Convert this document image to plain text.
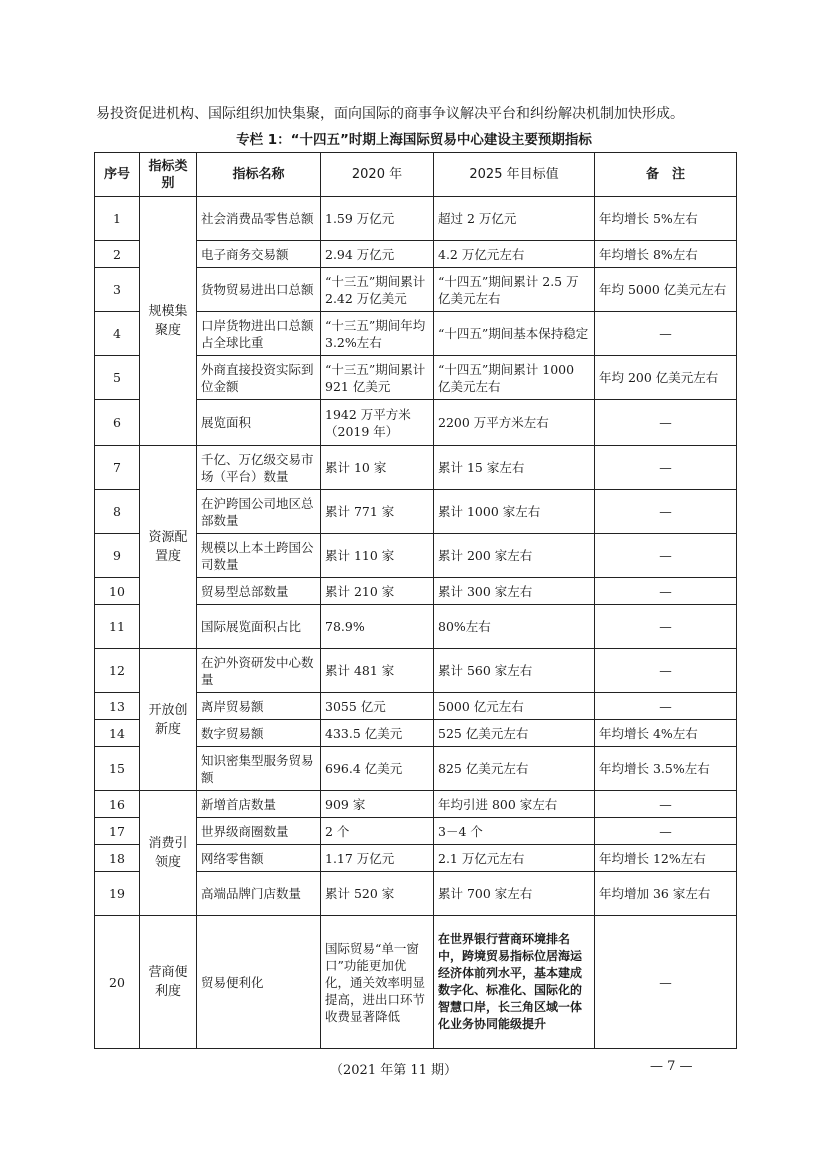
易投资促进机构、国际组织加快集聚，面向国际的商事争议解决平台和纠纷解决机制加快形成。
专栏 1：“十四五”时期上海国际贸易中心建设主要预期指标
序号	指标类别	指标名称	2020 年	2025 年目标值	备　注
1	规模集聚度	社会消费品零售总额	1.59 万亿元	超过 2 万亿元	年均增长 5%左右
2		电子商务交易额	2.94 万亿元	4.2 万亿元左右	年均增长 8%左右
3		货物贸易进出口总额	“十三五”期间累计 2.42 万亿美元	“十四五”期间累计 2.5 万亿美元左右	年均 5000 亿美元左右
4		口岸货物进出口总额占全球比重	“十三五”期间年均 3.2%左右	“十四五”期间基本保持稳定	—
5		外商直接投资实际到位金额	“十三五”期间累计 921 亿美元	“十四五”期间累计 1000 亿美元左右	年均 200 亿美元左右
6		展览面积	1942 万平方米（2019 年）	2200 万平方米左右	—
7	资源配置度	千亿、万亿级交易市场（平台）数量	累计 10 家	累计 15 家左右	—
8		在沪跨国公司地区总部数量	累计 771 家	累计 1000 家左右	—
9		规模以上本土跨国公司数量	累计 110 家	累计 200 家左右	—
10		贸易型总部数量	累计 210 家	累计 300 家左右	—
11		国际展览面积占比	78.9%	80%左右	—
12	开放创新度	在沪外资研发中心数量	累计 481 家	累计 560 家左右	—
13		离岸贸易额	3055 亿元	5000 亿元左右	—
14		数字贸易额	433.5 亿美元	525 亿美元左右	年均增长 4%左右
15		知识密集型服务贸易额	696.4 亿美元	825 亿美元左右	年均增长 3.5%左右
16	消费引领度	新增首店数量	909 家	年均引进 800 家左右	—
17		世界级商圈数量	2 个	3－4 个	—
18		网络零售额	1.17 万亿元	2.1 万亿元左右	年均增长 12%左右
19		高端品牌门店数量	累计 520 家	累计 700 家左右	年均增加 36 家左右
20	营商便利度	贸易便利化	国际贸易“单一窗口”功能更加优化，通关效率明显提高，进出口环节收费显著降低	在世界银行营商环境排名中，跨境贸易指标位居海运经济体前列水平，基本建成数字化、标准化、国际化的智慧口岸，长三角区域一体化业务协同能级提升	—
（2021 年第 11 期）	— 7 —
